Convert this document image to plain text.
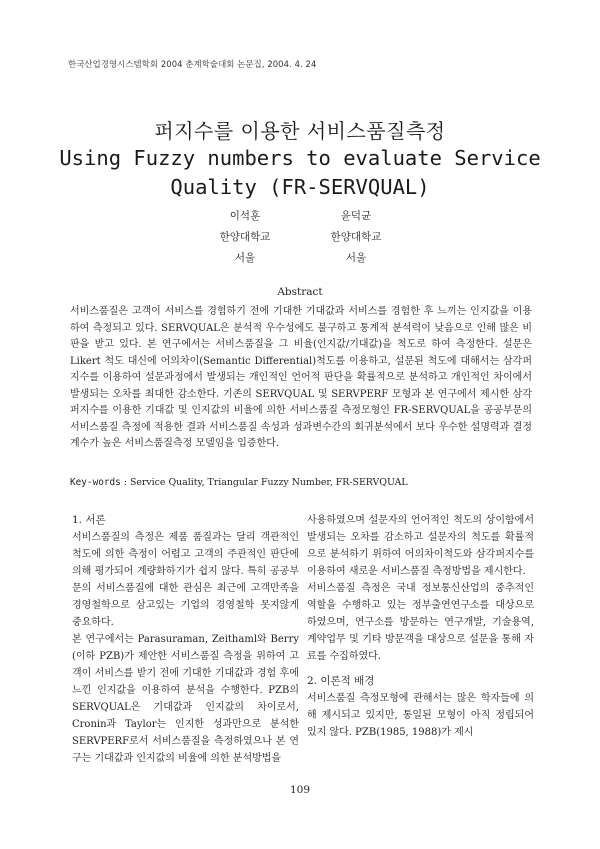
한국산업경영시스템학회 2004 춘계학술대회 논문집, 2004. 4. 24
퍼지수를 이용한 서비스품질측정
Using Fuzzy numbers to evaluate Service
Quality (FR-SERVQUAL)
이석훈
한양대학교
서울
윤덕균
한양대학교
서울
Abstract
서비스품질은 고객이 서비스를 경험하기 전에 기대한 기대값과 서비스를 경험한 후 느끼는 인지값을 이용하여 측정되고 있다. SERVQUAL은 분석적 우수성에도 불구하고 통계적 분석력이 낮음으로 인해 많은 비판을 받고 있다. 본 연구에서는 서비스품질을 그 비율(인지값/기대값)을 척도로 하여 측정한다. 설문은 Likert 척도 대신에 어의차이(Semantic Differential)척도를 이용하고, 설문된 척도에 대해서는 삼각퍼지수를 이용하여 설문과정에서 발생되는 개인적인 언어적 판단을 확률적으로 분석하고 개인적인 차이에서 발생되는 오차를 최대한 감소한다. 기존의 SERVQUAL 및 SERVPERF 모형과 본 연구에서 제시한 삼각퍼지수를 이용한 기대값 및 인지값의 비율에 의한 서비스품질 측정모형인 FR-SERVQUAL을 공공부문의 서비스품질 측정에 적용한 결과 서비스품질 속성과 성과변수간의 회귀분석에서 보다 우수한 설명력과 결정계수가 높은 서비스품질측정 모델임을 입증한다.
Key-words : Service Quality, Triangular Fuzzy Number, FR-SERVQUAL

1. 서론

서비스품질의 측정은 제품 품질과는 달리 객관적인 척도에 의한 측정이 어렵고 고객의 주관적인 판단에 의해 평가되어 계량화하기가 쉽지 않다. 특히 공공부문의 서비스품질에 대한 관심은 최근에 고객만족을 경영철학으로 삼고있는 기업의 경영철학 못지않게 중요하다.

본 연구에서는 Parasuraman, Zeithaml와 Berry (이하 PZB)가 제안한 서비스품질 측정을 위하여 고객이 서비스를 받기 전에 기대한 기대값과 경험 후에 느낀 인지값을 이용하여 분석을 수행한다. PZB의 SERVQUAL은 기대값과 인지값의 차이로서, Cronin과 Taylor는 인지한 성과만으로 분석한 SERVPERF로서 서비스품질을 측정하였으나 본 연구는 기대값과 인지값의 비율에 의한 분석방법을

사용하였으며 설문자의 언어적인 척도의 상이함에서 발생되는 오차를 감소하고 설문자의 척도를 확률적으로 분석하기 위하여 어의차이척도와 삼각퍼지수를 이용하여 새로운 서비스품질 측정방법을 제시한다.

서비스품질 측정은 국내 정보통신산업의 중추적인 역할을 수행하고 있는 정부출연연구소를 대상으로 하였으며, 연구소를 방문하는 연구개발, 기술용역, 계약업무 및 기타 방문객을 대상으로 설문을 통해 자료를 수집하였다.

2. 이론적 배경

서비스품질 측정모형에 관해서는 많은 학자들에 의해 제시되고 있지만, 통일된 모형이 아직 정립되어 있지 않다. PZB(1985, 1988)가 제시

109
